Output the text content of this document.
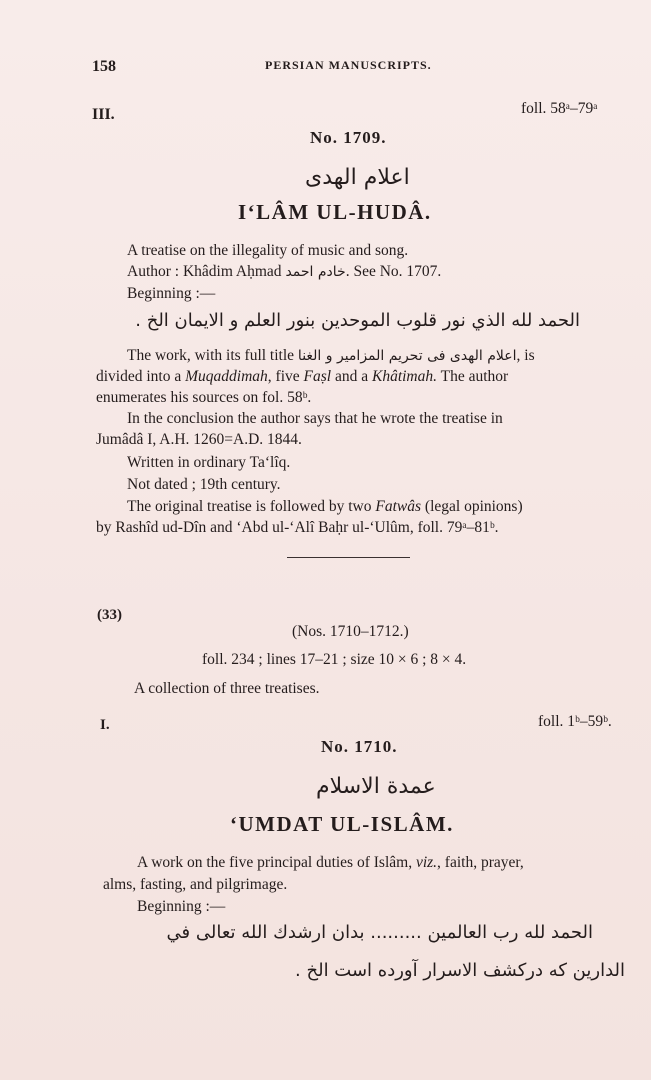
158	PERSIAN MANUSCRIPTS.
III.	foll. 58ᵃ–79ᵃ
No. 1709.
اعلام الهدى
I‘LÂM UL-HUDÂ.
A treatise on the illegality of music and song.
Author : Khâdim Aḥmad خادم احمد. See No. 1707.
Beginning :—
الحمد لله الذي نور قلوب الموحدين بنور العلم و الايمان الخ .
The work, with its full title اعلام الهدى فى تحريم المزامير و الغنا, is
divided into a Muqaddimah, five Faṣl and a Khâtimah. The author
enumerates his sources on fol. 58ᵇ.
In the conclusion the author says that he wrote the treatise in
Jumâdâ I, A.H. 1260=A.D. 1844.
Written in ordinary Ta‘lîq.
Not dated ; 19th century.
The original treatise is followed by two Fatwâs (legal opinions)
by Rashîd ud-Dîn and ‘Abd ul-‘Alî Baḥr ul-‘Ulûm, foll. 79ᵃ–81ᵇ.
(33)
(Nos. 1710–1712.)
foll. 234 ; lines 17–21 ; size 10 × 6 ; 8 × 4.
A collection of three treatises.
I.	foll. 1ᵇ–59ᵇ.
No. 1710.
عمدة الاسلام
‘UMDAT UL-ISLÂM.
A work on the five principal duties of Islâm, viz., faith, prayer,
alms, fasting, and pilgrimage.
Beginning :—
الحمد لله رب العالمين ......... بدان ارشدك الله تعالى في
الدارين كه دركشف الاسرار آورده است الخ .
